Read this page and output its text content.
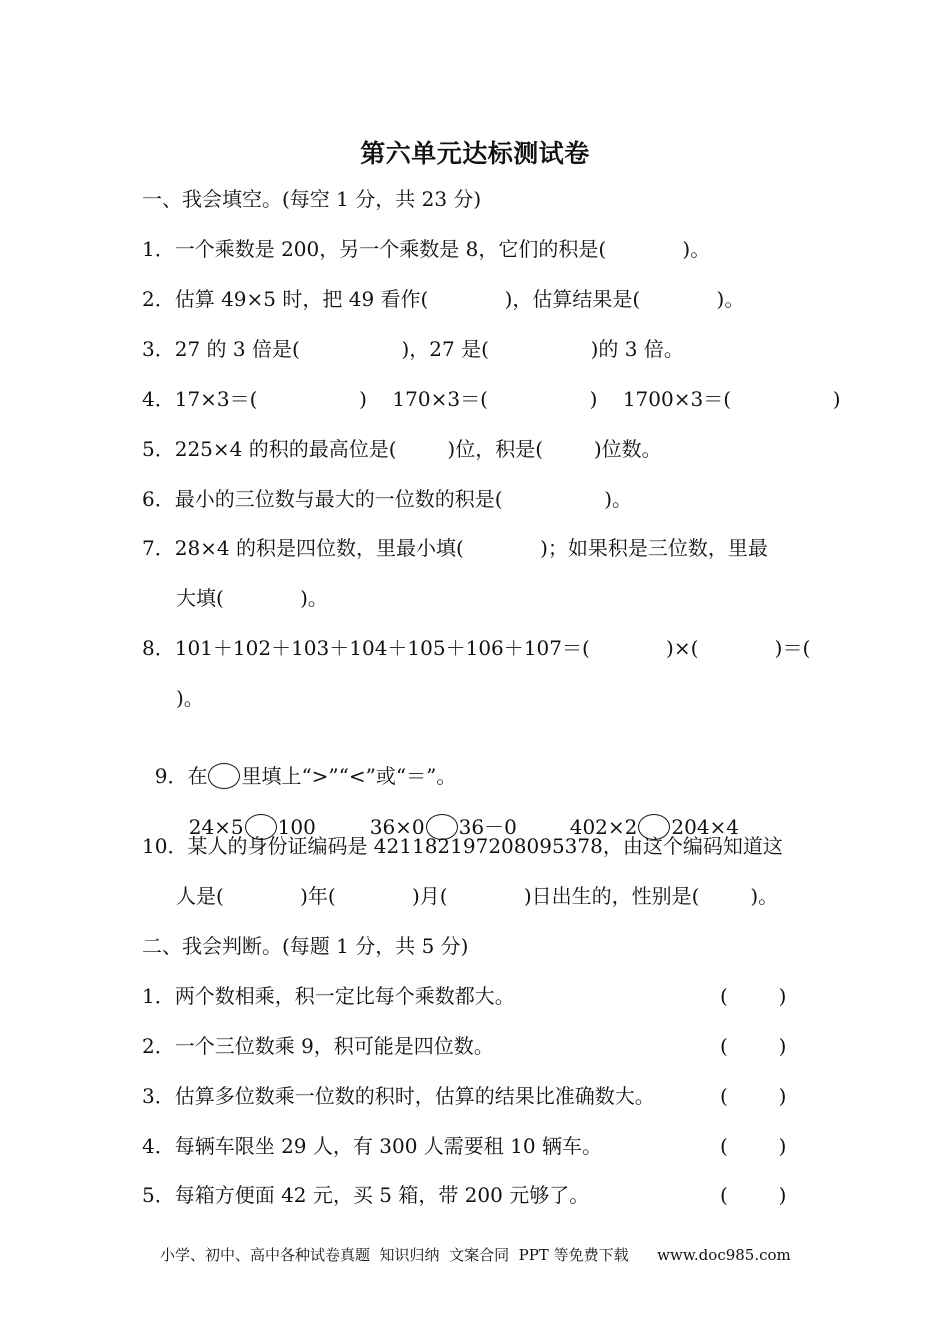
第六单元达标测试卷
一、我会填空。(每空 1 分，共 23 分)
1．一个乘数是 200，另一个乘数是 8，它们的积是(            )。
2．估算 49×5 时，把 49 看作(            )，估算结果是(            )。
3．27 的 3 倍是(                )，27 是(                )的 3 倍。
4．17×3＝(                )    170×3＝(                )    1700×3＝(                )
5．225×4 的积的最高位是(        )位，积是(        )位数。
6．最小的三位数与最大的一位数的积是(                )。
7．28×4 的积是四位数，里最小填(            )；如果积是三位数，里最
大填(            )。
8．101＋102＋103＋104＋105＋106＋107＝(            )×(            )＝(
)。

9．在 里填上“>”“<”或“＝”。

24×5 100	36×0 36－0	402×2 204×4

10．某人的身份证编码是 421182197208095378，由这个编码知道这
人是(            )年(            )月(            )日出生的，性别是(        )。
二、我会判断。(每题 1 分，共 5 分)
1．两个数相乘，积一定比每个乘数都大。	(        )
2．一个三位数乘 9，积可能是四位数。	(        )
3．估算多位数乘一位数的积时，估算的结果比准确数大。	(        )
4．每辆车限坐 29 人，有 300 人需要租 10 辆车。	(        )
5．每箱方便面 42 元，买 5 箱，带 200 元够了。	(        )
小学、初中、高中各种试卷真题  知识归纳  文案合同  PPT 等免费下载      www.doc985.com
